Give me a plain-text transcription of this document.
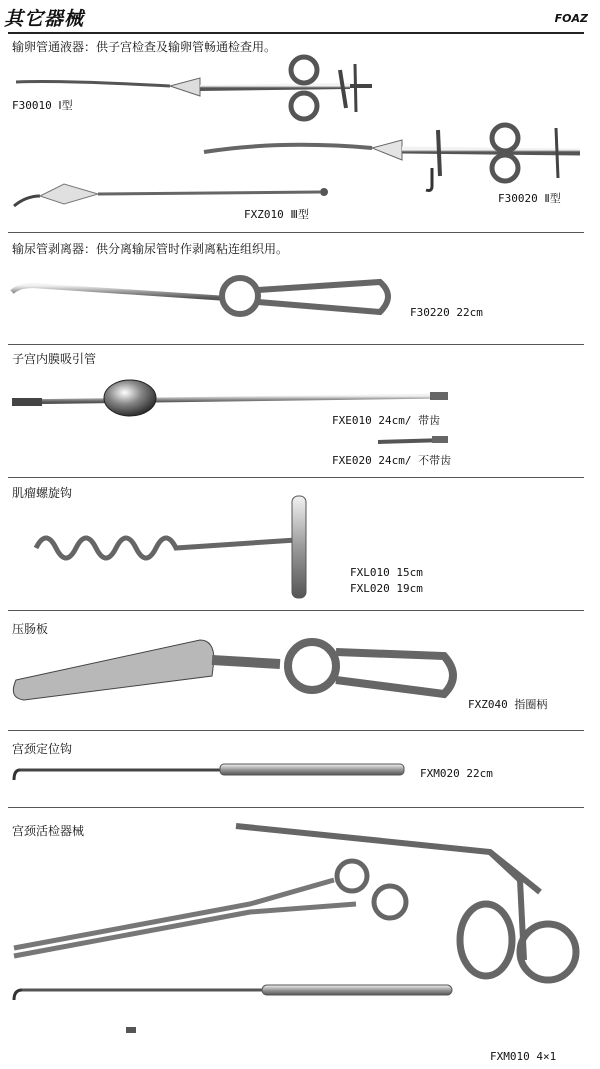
其它器械	FOAZ
输卵管通液器：供子宫检查及输卵管畅通检查用。
F30010 Ⅰ型
F30020 Ⅱ型
FXZ010 Ⅲ型
输尿管剥离器：供分离输尿管时作剥离粘连组织用。
F30220 22cm
子宫内膜吸引管
FXE010 24cm/ 带齿
FXE020 24cm/ 不带齿
肌瘤螺旋钩
FXL010 15cm
FXL020 19cm
压肠板
FXZ040 指圈柄
宫颈定位钩
FXM020 22cm
宫颈活检器械
FXM010 4×1
